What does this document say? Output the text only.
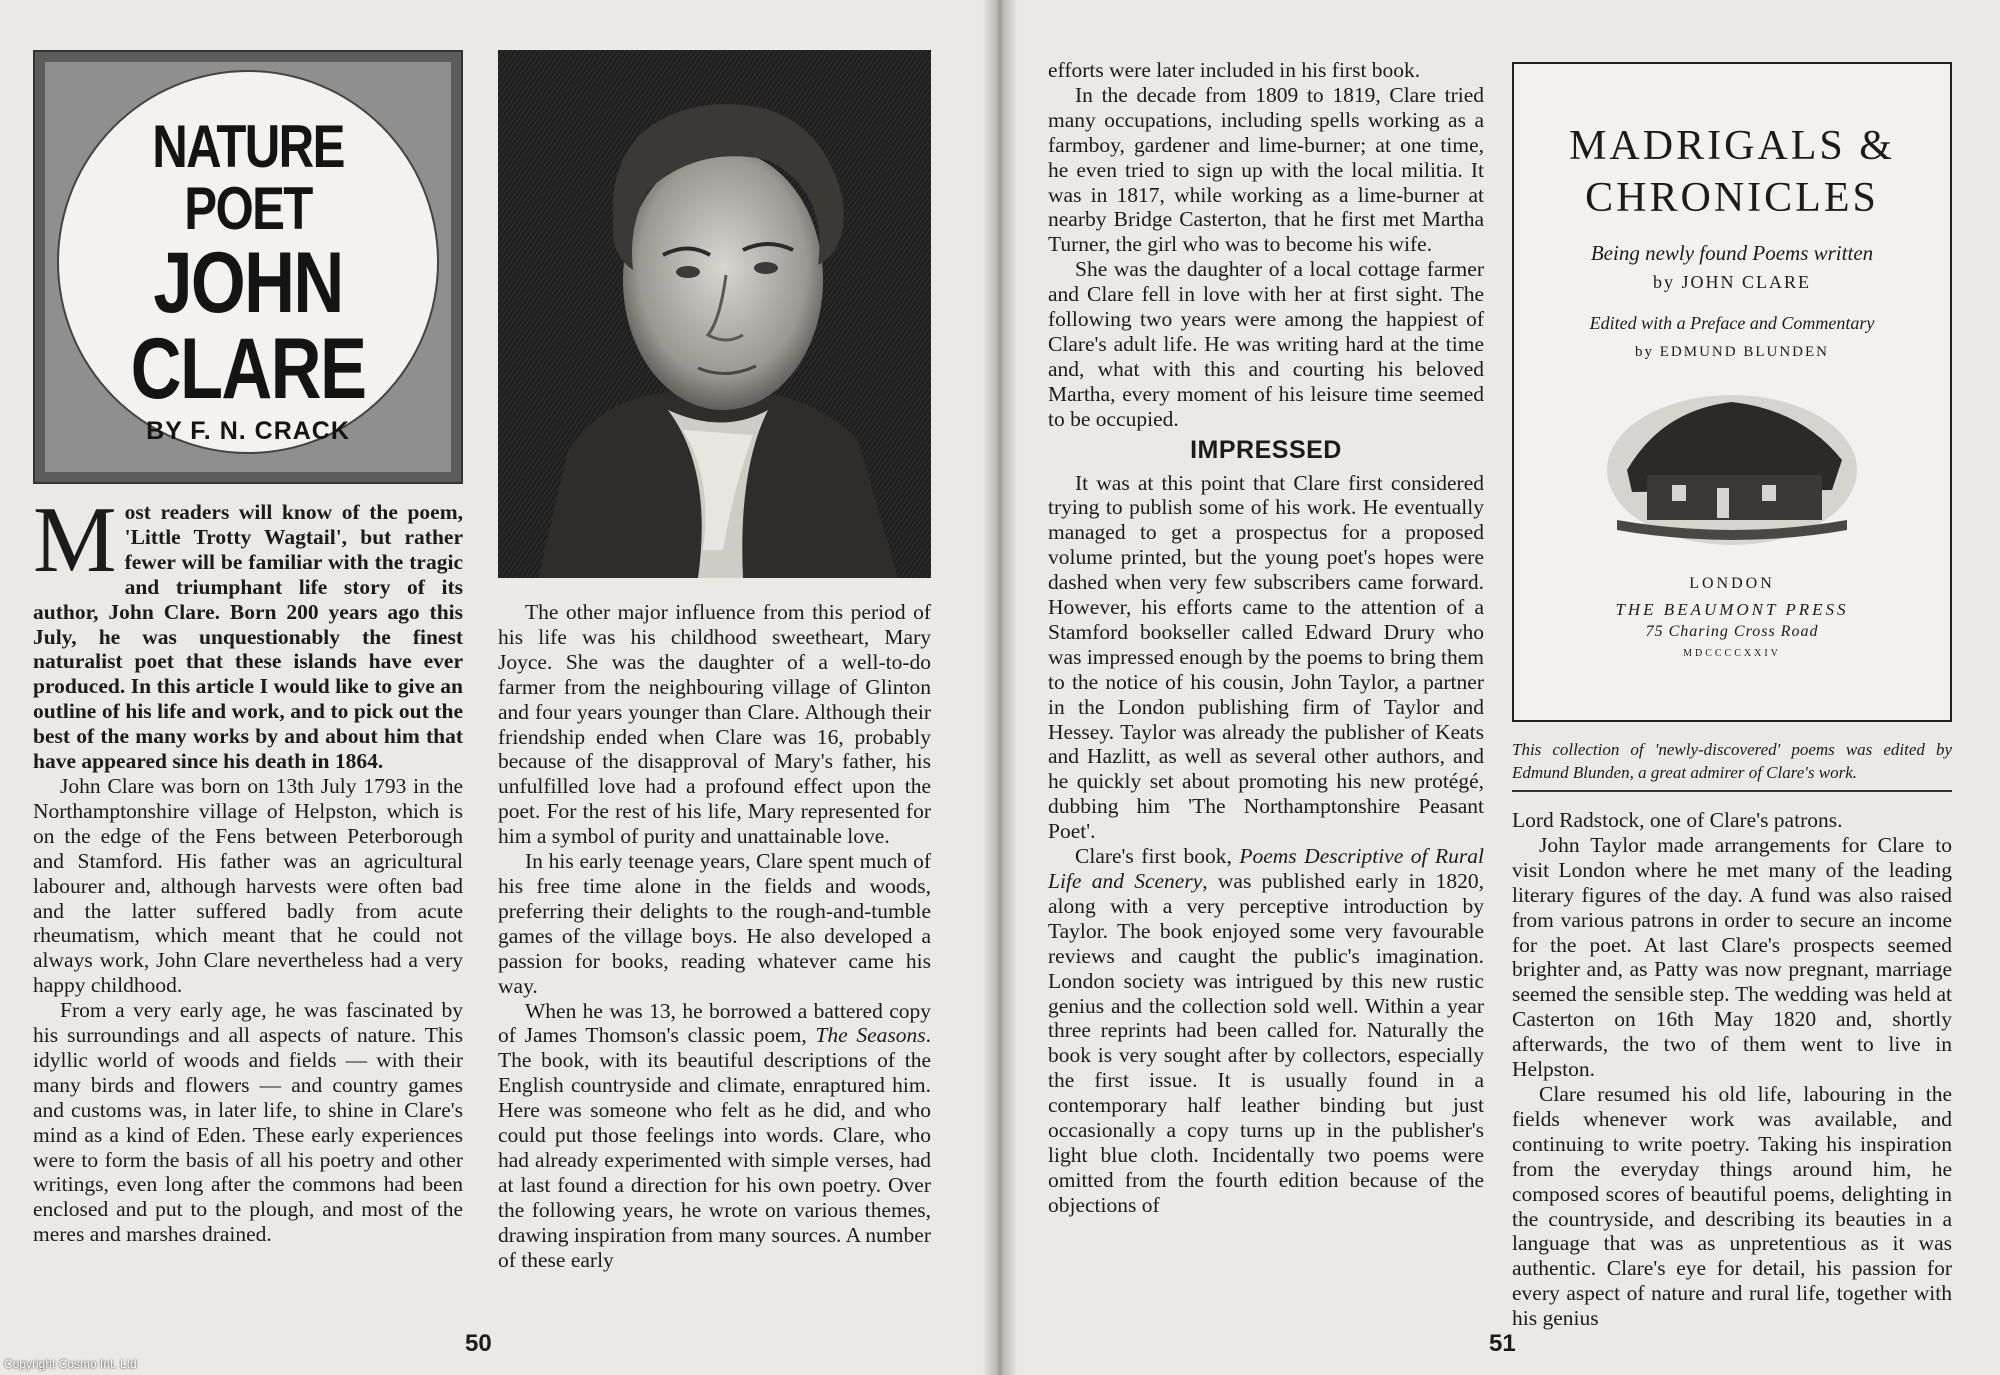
NATURE
POET
JOHN
CLARE
BY F. N. CRACK

Most readers will know of the poem, 'Little Trotty Wagtail', but rather fewer will be familiar with the tragic and triumphant life story of its author, John Clare. Born 200 years ago this July, he was unquestionably the finest naturalist poet that these islands have ever produced. In this article I would like to give an outline of his life and work, and to pick out the best of the many works by and about him that have appeared since his death in 1864.

John Clare was born on 13th July 1793 in the Northamptonshire village of Helpston, which is on the edge of the Fens between Peterborough and Stamford. His father was an agricultural labourer and, although harvests were often bad and the latter suffered badly from acute rheumatism, which meant that he could not always work, John Clare nevertheless had a very happy childhood.

From a very early age, he was fascinated by his surroundings and all aspects of nature. This idyllic world of woods and fields — with their many birds and flowers — and country games and customs was, in later life, to shine in Clare's mind as a kind of Eden. These early experiences were to form the basis of all his poetry and other writings, even long after the commons had been enclosed and put to the plough, and most of the meres and marshes drained.

The other major influence from this period of his life was his childhood sweetheart, Mary Joyce. She was the daughter of a well-to-do farmer from the neighbouring village of Glinton and four years younger than Clare. Although their friendship ended when Clare was 16, probably because of the disapproval of Mary's father, his unfulfilled love had a profound effect upon the poet. For the rest of his life, Mary represented for him a symbol of purity and unattainable love.

In his early teenage years, Clare spent much of his free time alone in the fields and woods, preferring their delights to the rough-and-tumble games of the village boys. He also developed a passion for books, reading whatever came his way.

When he was 13, he borrowed a battered copy of James Thomson's classic poem, The Seasons. The book, with its beautiful descriptions of the English countryside and climate, enraptured him. Here was someone who felt as he did, and who could put those feelings into words. Clare, who had already experimented with simple verses, had at last found a direction for his own poetry. Over the following years, he wrote on various themes, drawing inspiration from many sources. A number of these early

50

efforts were later included in his first book.

In the decade from 1809 to 1819, Clare tried many occupations, including spells working as a farmboy, gardener and lime-burner; at one time, he even tried to sign up with the local militia. It was in 1817, while working as a lime-burner at nearby Bridge Casterton, that he first met Martha Turner, the girl who was to become his wife.

She was the daughter of a local cottage farmer and Clare fell in love with her at first sight. The following two years were among the happiest of Clare's adult life. He was writing hard at the time and, what with this and courting his beloved Martha, every moment of his leisure time seemed to be occupied.

IMPRESSED

It was at this point that Clare first considered trying to publish some of his work. He eventually managed to get a prospectus for a proposed volume printed, but the young poet's hopes were dashed when very few subscribers came forward. However, his efforts came to the attention of a Stamford bookseller called Edward Drury who was impressed enough by the poems to bring them to the notice of his cousin, John Taylor, a partner in the London publishing firm of Taylor and Hessey. Taylor was already the publisher of Keats and Hazlitt, as well as several other authors, and he quickly set about promoting his new protégé, dubbing him 'The Northamptonshire Peasant Poet'.

Clare's first book, Poems Descriptive of Rural Life and Scenery, was published early in 1820, along with a very perceptive introduction by Taylor. The book enjoyed some very favourable reviews and caught the public's imagination. London society was intrigued by this new rustic genius and the collection sold well. Within a year three reprints had been called for. Naturally the book is very sought after by collectors, especially the first issue. It is usually found in a contemporary half leather binding but just occasionally a copy turns up in the publisher's light blue cloth. Incidentally two poems were omitted from the fourth edition because of the objections of

Lord Radstock, one of Clare's patrons.

John Taylor made arrangements for Clare to visit London where he met many of the leading literary figures of the day. A fund was also raised from various patrons in order to secure an income for the poet. At last Clare's prospects seemed brighter and, as Patty was now pregnant, marriage seemed the sensible step. The wedding was held at Casterton on 16th May 1820 and, shortly afterwards, the two of them went to live in Helpston.

Clare resumed his old life, labouring in the fields whenever work was available, and continuing to write poetry. Taking his inspiration from the everyday things around him, he composed scores of beautiful poems, delighting in the countryside, and describing its beauties in a language that was as unpretentious as it was authentic. Clare's eye for detail, his passion for every aspect of nature and rural life, together with his genius

51
MADRIGALS &
CHRONICLES
Being newly found Poems written
by JOHN CLARE
Edited with a Preface and Commentary
by EDMUND BLUNDEN
LONDON
THE BEAUMONT PRESS
75 Charing Cross Road
MDCCCCXXIV
This collection of 'newly-discovered' poems was edited by Edmund Blunden, a great admirer of Clare's work.
Copyright Cosmo Int. Ltd
